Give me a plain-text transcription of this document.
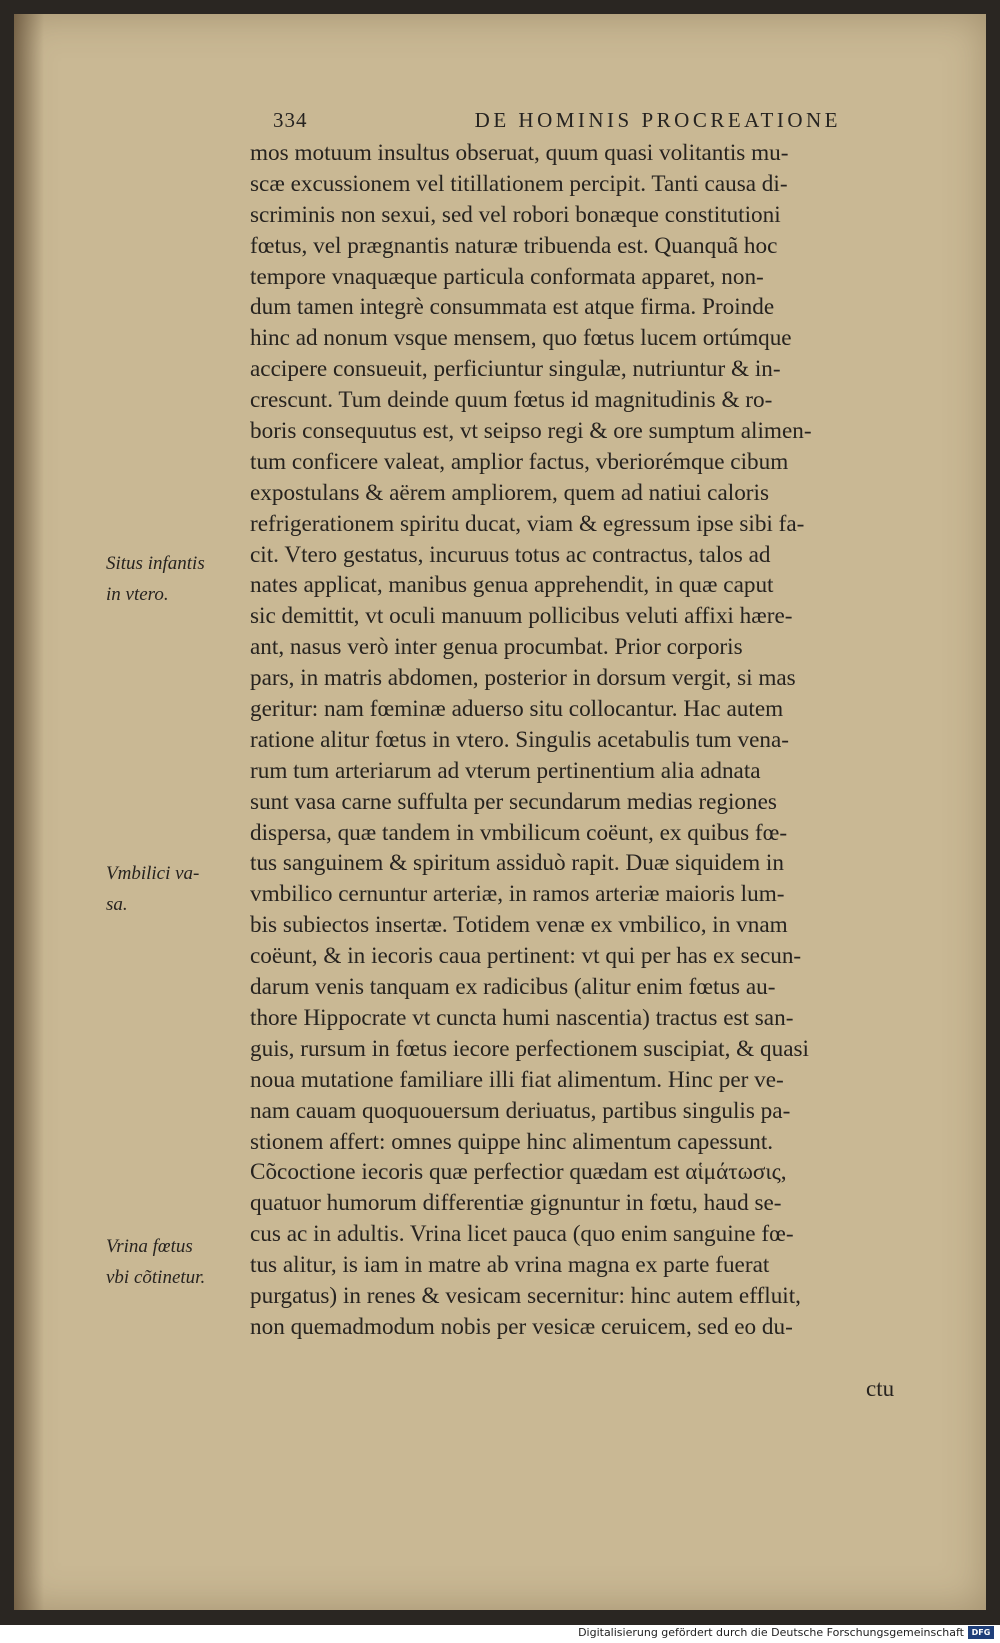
334	DE HOMINIS PROCREATIONE
mos motuum insultus obseruat, quum quasi volitantis mu-
scæ excussionem vel titillationem percipit. Tanti causa di-
scriminis non sexui, sed vel robori bonæque constitutioni
fœtus, vel prægnantis naturæ tribuenda est. Quanquã hoc
tempore vnaquæque particula conformata apparet, non-
dum tamen integrè consummata est atque firma. Proinde
hinc ad nonum vsque mensem, quo fœtus lucem ortúmque
accipere consueuit, perficiuntur singulæ, nutriuntur & in-
crescunt. Tum deinde quum fœtus id magnitudinis & ro-
boris consequutus est, vt seipso regi & ore sumptum alimen-
tum conficere valeat, amplior factus, vberiorémque cibum
expostulans & aërem ampliorem, quem ad natiui caloris
refrigerationem spiritu ducat, viam & egressum ipse sibi fa-
cit. Vtero gestatus, incuruus totus ac contractus, talos ad
nates applicat, manibus genua apprehendit, in quæ caput
sic demittit, vt oculi manuum pollicibus veluti affixi hære-
ant, nasus verò inter genua procumbat. Prior corporis
pars, in matris abdomen, posterior in dorsum vergit, si mas
geritur: nam fœminæ aduerso situ collocantur. Hac autem
ratione alitur fœtus in vtero. Singulis acetabulis tum vena-
rum tum arteriarum ad vterum pertinentium alia adnata
sunt vasa carne suffulta per secundarum medias regiones
dispersa, quæ tandem in vmbilicum coëunt, ex quibus fœ-
tus sanguinem & spiritum assiduò rapit. Duæ siquidem in
vmbilico cernuntur arteriæ, in ramos arteriæ maioris lum-
bis subiectos insertæ. Totidem venæ ex vmbilico, in vnam
coëunt, & in iecoris caua pertinent: vt qui per has ex secun-
darum venis tanquam ex radicibus (alitur enim fœtus au-
thore Hippocrate vt cuncta humi nascentia) tractus est san-
guis, rursum in fœtus iecore perfectionem suscipiat, & quasi
noua mutatione familiare illi fiat alimentum. Hinc per ve-
nam cauam quoquouersum deriuatus, partibus singulis pa-
stionem affert: omnes quippe hinc alimentum capessunt.
Cõcoctione iecoris quæ perfectior quædam est αἱμάτωσις,
quatuor humorum differentiæ gignuntur in fœtu, haud se-
cus ac in adultis. Vrina licet pauca (quo enim sanguine fœ-
tus alitur, is iam in matre ab vrina magna ex parte fuerat
purgatus) in renes & vesicam secernitur: hinc autem effluit,
non quemadmodum nobis per vesicæ ceruicem, sed eo du-
ctu
Situs infantis
in vtero.
Vmbilici va-
sa.
Vrina fœtus
vbi cõtinetur.
Digitalisierung gefördert durch die Deutsche Forschungsgemeinschaft DFG
